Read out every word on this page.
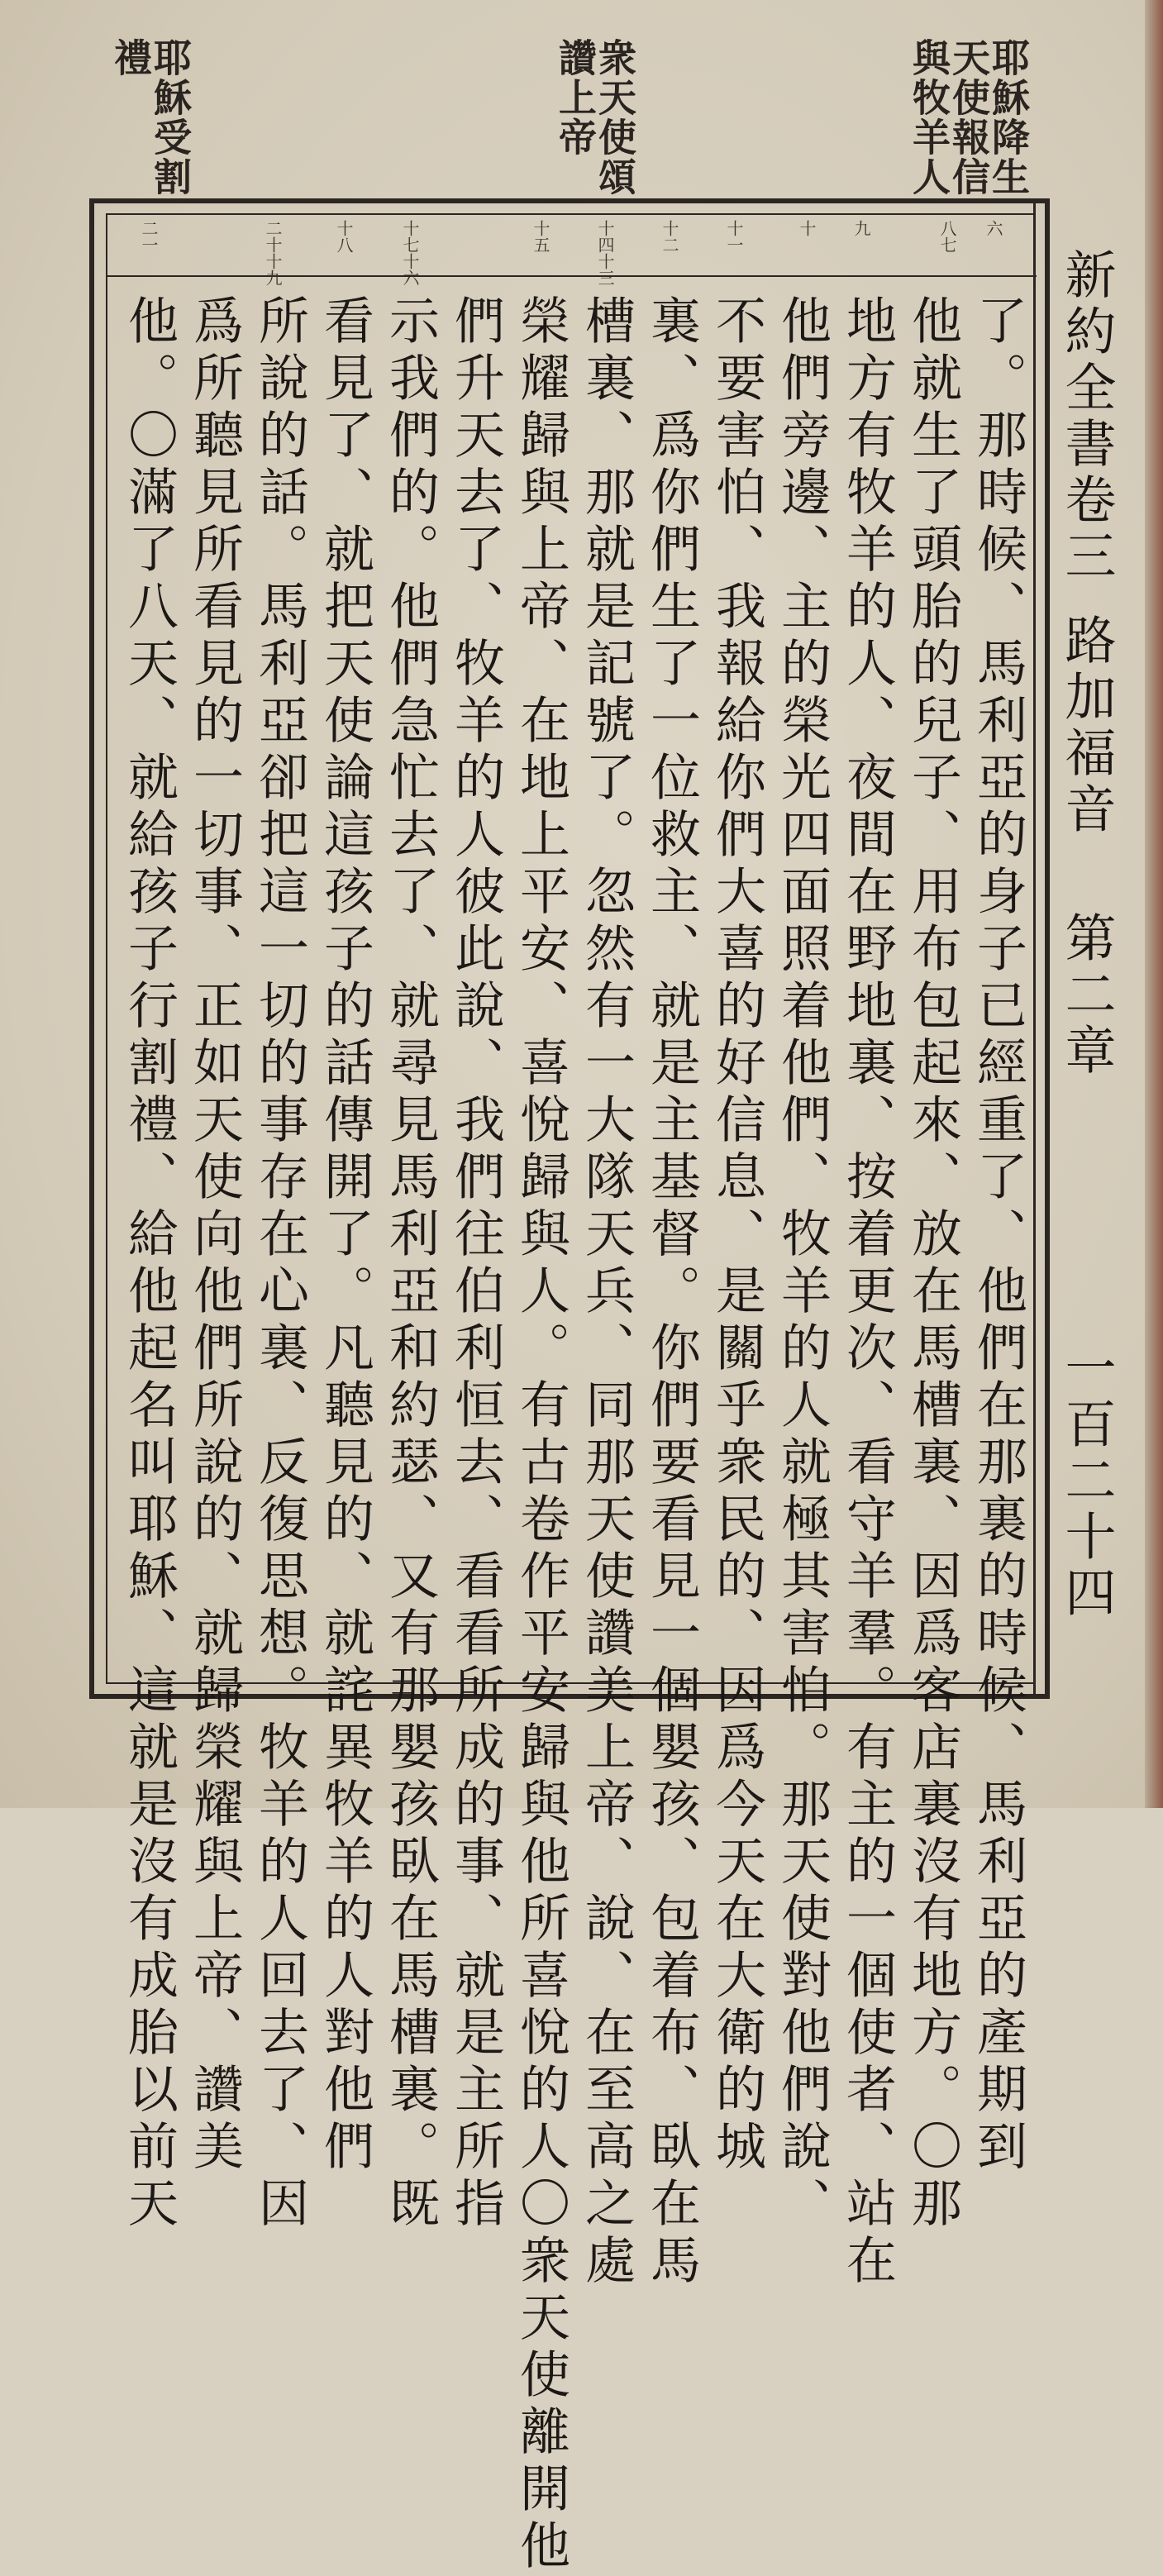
耶穌降生
天使報信
與牧羊人
衆天使頌
讚上帝
耶穌受割
禮
新約全書卷三
路加福音
第二章
一百二十四
六
八七
九
十
十一
十二
十四十三
十五
十七十六
十八
二十十九
二一
了。那時候、馬利亞的身子已經重了、他們在那裏的時候、馬利亞的產期到
他就生了頭胎的兒子、用布包起來、放在馬槽裏、因爲客店裏沒有地方。〇那
地方有牧羊的人、夜間在野地裏、按着更次、看守羊羣。有主的一個使者、站在
他們旁邊、主的榮光四面照着他們、牧羊的人就極其害怕。那天使對他們說、
不要害怕、我報給你們大喜的好信息、是關乎衆民的、因爲今天在大衛的城
裏、爲你們生了一位救主、就是主基督。你們要看見一個嬰孩、包着布、臥在馬
槽裏、那就是記號了。忽然有一大隊天兵、同那天使讚美上帝、說、在至高之處
榮耀歸與上帝、在地上平安、喜悅歸與人。有古卷作平安歸與他所喜悅的人〇衆天使離開他
們升天去了、牧羊的人彼此說、我們往伯利恒去、看看所成的事、就是主所指
示我們的。他們急忙去了、就尋見馬利亞和約瑟、又有那嬰孩臥在馬槽裏。既
看見了、就把天使論這孩子的話傳開了。凡聽見的、就詫異牧羊的人對他們
所說的話。馬利亞卻把這一切的事存在心裏、反復思想。牧羊的人回去了、因
爲所聽見所看見的一切事、正如天使向他們所說的、就歸榮耀與上帝、讚美
他。〇滿了八天、就給孩子行割禮、給他起名叫耶穌、這就是沒有成胎以前天
